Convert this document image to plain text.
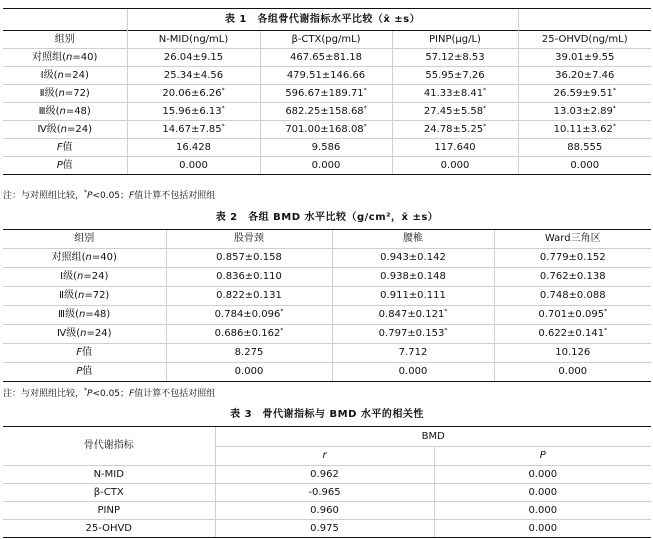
	表 1　各组骨代谢指标水平比较（x̄ ±s）			
组别	N-MID(ng/mL)	β-CTX(pg/mL)	PINP(μg/L)	25-OHVD(ng/mL)
对照组(n=40)	26.04±9.15	467.65±81.18	57.12±8.53	39.01±9.55
Ⅰ级(n=24)	25.34±4.56	479.51±146.66	55.95±7.26	36.20±7.46
Ⅱ级(n=72)	20.06±6.26*	596.67±189.71*	41.33±8.41*	26.59±9.51*
Ⅲ级(n=48)	15.96±6.13*	682.25±158.68*	27.45±5.58*	13.03±2.89*
Ⅳ级(n=24)	14.67±7.85*	701.00±168.08*	24.78±5.25*	10.11±3.62*
F值	16.428	9.586	117.640	88.555
P值	0.000	0.000	0.000	0.000
注：与对照组比较，*P<0.05；F值计算不包括对照组
表 2　各组 BMD 水平比较（g/cm²，x̄ ±s）
组别	股骨颈	腰椎	Ward三角区
对照组(n=40)	0.857±0.158	0.943±0.142	0.779±0.152
Ⅰ级(n=24)	0.836±0.110	0.938±0.148	0.762±0.138
Ⅱ级(n=72)	0.822±0.131	0.911±0.111	0.748±0.088
Ⅲ级(n=48)	0.784±0.096*	0.847±0.121*	0.701±0.095*
Ⅳ级(n=24)	0.686±0.162*	0.797±0.153*	0.622±0.141*
F值	8.275	7.712	10.126
P值	0.000	0.000	0.000
注：与对照组比较，*P<0.05；F值计算不包括对照组
表 3　骨代谢指标与 BMD 水平的相关性
骨代谢指标	BMD	
	r	P
N-MID	0.962	0.000
β-CTX	-0.965	0.000
PINP	0.960	0.000
25-OHVD	0.975	0.000
